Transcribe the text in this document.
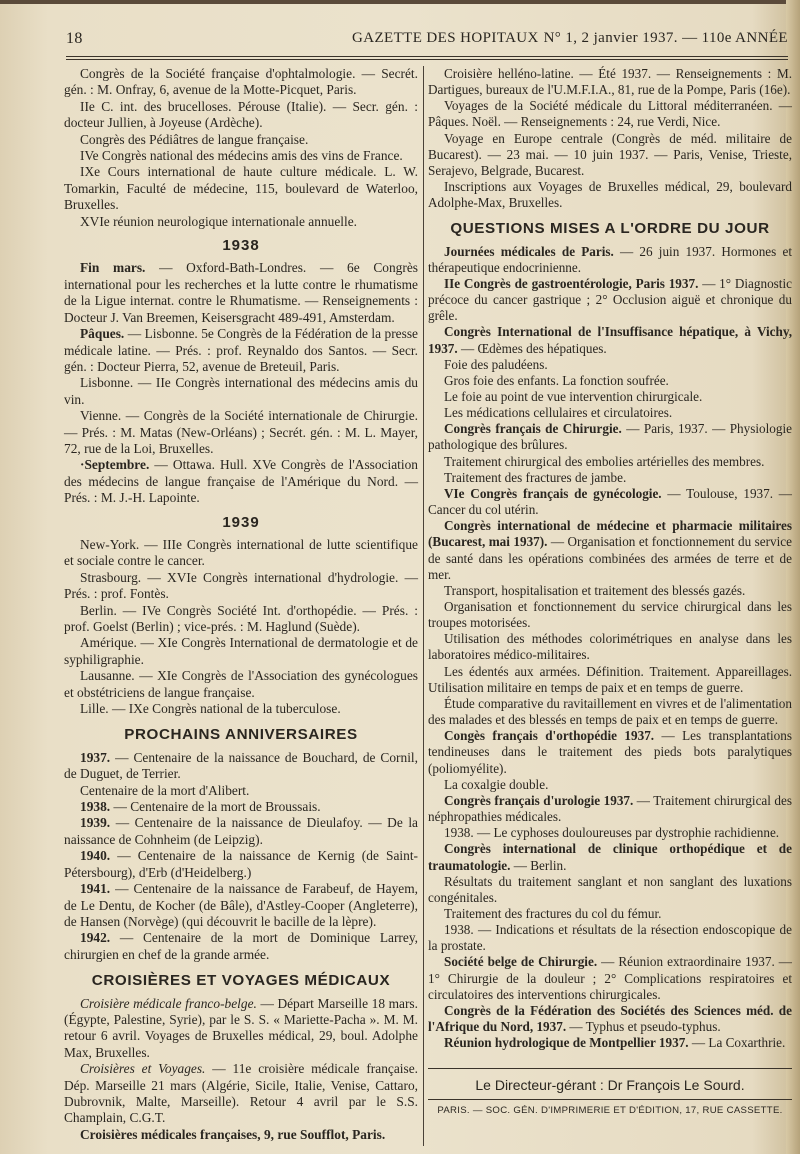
18	GAZETTE DES HOPITAUX N° 1, 2 janvier 1937. — 110e ANNÉE

Congrès de la Société française d'ophtalmologie. — Secrét. gén. : M. Onfray, 6, avenue de la Motte-Picquet, Paris.

IIe C. int. des brucelloses. Pérouse (Italie). — Secr. gén. : docteur Jullien, à Joyeuse (Ardèche).

Congrès des Pédiâtres de langue française.

IVe Congrès national des médecins amis des vins de France.

IXe Cours international de haute culture médicale. L. W. Tomarkin, Faculté de médecine, 115, boulevard de Waterloo, Bruxelles.

XVIe réunion neurologique internationale annuelle.

1938

Fin mars. — Oxford-Bath-Londres. — 6e Congrès international pour les recherches et la lutte contre le rhumatisme de la Ligue internat. contre le Rhumatisme. — Renseignements : Docteur J. Van Breemen, Keisersgracht 489-491, Amsterdam.

Pâques. — Lisbonne. 5e Congrès de la Fédération de la presse médicale latine. — Prés. : prof. Reynaldo dos Santos. — Secr. gén. : Docteur Pierra, 52, avenue de Breteuil, Paris.

Lisbonne. — IIe Congrès international des médecins amis du vin.

Vienne. — Congrès de la Société internationale de Chirurgie. — Prés. : M. Matas (New-Orléans) ; Secrét. gén. : M. L. Mayer, 72, rue de la Loi, Bruxelles.

·Septembre. — Ottawa. Hull. XVe Congrès de l'Association des médecins de langue française de l'Amérique du Nord. — Prés. : M. J.-H. Lapointe.

1939

New-York. — IIIe Congrès international de lutte scientifique et sociale contre le cancer.

Strasbourg. — XVIe Congrès international d'hydrologie. — Prés. : prof. Fontès.

Berlin. — IVe Congrès Société Int. d'orthopédie. — Prés. : prof. Goelst (Berlin) ; vice-prés. : M. Haglund (Suède).

Amérique. — XIe Congrès International de dermatologie et de syphiligraphie.

Lausanne. — XIe Congrès de l'Association des gynécologues et obstétriciens de langue française.

Lille. — IXe Congrès national de la tuberculose.

PROCHAINS ANNIVERSAIRES

1937. — Centenaire de la naissance de Bouchard, de Cornil, de Duguet, de Terrier.

Centenaire de la mort d'Alibert.

1938. — Centenaire de la mort de Broussais.

1939. — Centenaire de la naissance de Dieulafoy. — De la naissance de Cohnheim (de Leipzig).

1940. — Centenaire de la naissance de Kernig (de Saint-Pétersbourg), d'Erb (d'Heidelberg.)

1941. — Centenaire de la naissance de Farabeuf, de Hayem, de Le Dentu, de Kocher (de Bâle), d'Astley-Cooper (Angleterre), de Hansen (Norvège) (qui découvrit le bacille de la lèpre).

1942. — Centenaire de la mort de Dominique Larrey, chirurgien en chef de la grande armée.

CROISIÈRES ET VOYAGES MÉDICAUX

Croisière médicale franco-belge. — Départ Marseille 18 mars. (Égypte, Palestine, Syrie), par le S. S. « Mariette-Pacha ». M. M. retour 6 avril. Voyages de Bruxelles médical, 29, boul. Adolphe Max, Bruxelles.

Croisières et Voyages. — 11e croisière médicale française. Dép. Marseille 21 mars (Algérie, Sicile, Italie, Venise, Cattaro, Dubrovnik, Malte, Marseille). Retour 4 avril par le S.S. Champlain, C.G.T.

Croisières médicales françaises, 9, rue Soufflot, Paris.

Croisière helléno-latine. — Été 1937. — Renseignements : M. Dartigues, bureaux de l'U.M.F.I.A., 81, rue de la Pompe, Paris (16e).

Voyages de la Société médicale du Littoral méditerranéen. — Pâques. Noël. — Renseignements : 24, rue Verdi, Nice.

Voyage en Europe centrale (Congrès de méd. militaire de Bucarest). — 23 mai. — 10 juin 1937. — Paris, Venise, Trieste, Serajevo, Belgrade, Bucarest.

Inscriptions aux Voyages de Bruxelles médical, 29, boulevard Adolphe-Max, Bruxelles.

QUESTIONS MISES A L'ORDRE DU JOUR

Journées médicales de Paris. — 26 juin 1937. Hormones et thérapeutique endocrinienne.

IIe Congrès de gastroentérologie, Paris 1937. — 1° Diagnostic précoce du cancer gastrique ; 2° Occlusion aiguë et chronique du grêle.

Congrès International de l'Insuffisance hépatique, à Vichy, 1937. — Œdèmes des hépatiques.

Foie des paludéens.

Gros foie des enfants. La fonction soufrée.

Le foie au point de vue intervention chirurgicale.

Les médications cellulaires et circulatoires.

Congrès français de Chirurgie. — Paris, 1937. — Physiologie pathologique des brûlures.

Traitement chirurgical des embolies artérielles des membres.

Traitement des fractures de jambe.

VIe Congrès français de gynécologie. — Toulouse, 1937. — Cancer du col utérin.

Congrès international de médecine et pharmacie militaires (Bucarest, mai 1937). — Organisation et fonctionnement du service de santé dans les opérations combinées des armées de terre et de mer.

Transport, hospitalisation et traitement des blessés gazés.

Organisation et fonctionnement du service chirurgical dans les troupes motorisées.

Utilisation des méthodes colorimétriques en analyse dans les laboratoires médico-militaires.

Les édentés aux armées. Définition. Traitement. Appareillages. Utilisation militaire en temps de paix et en temps de guerre.

Étude comparative du ravitaillement en vivres et de l'alimentation des malades et des blessés en temps de paix et en temps de guerre.

Congès français d'orthopédie 1937. — Les transplantations tendineuses dans le traitement des pieds bots paralytiques (poliomyélite).

La coxalgie double.

Congrès français d'urologie 1937. — Traitement chirurgical des néphropathies médicales.

1938. — Le cyphoses douloureuses par dystrophie rachidienne.

Congrès international de clinique orthopédique et de traumatologie. — Berlin.

Résultats du traitement sanglant et non sanglant des luxations congénitales.

Traitement des fractures du col du fémur.

1938. — Indications et résultats de la résection endoscopique de la prostate.

Société belge de Chirurgie. — Réunion extraordinaire 1937. — 1° Chirurgie de la douleur ; 2° Complications respiratoires et circulatoires des interventions chirurgicales.

Congrès de la Fédération des Sociétés des Sciences méd. de l'Afrique du Nord, 1937. — Typhus et pseudo-typhus.

Réunion hydrologique de Montpellier 1937. — La Coxarthrie.

Le Directeur-gérant : Dr François Le Sourd.
PARIS. — SOC. GÉN. D'IMPRIMERIE ET D'ÉDITION, 17, RUE CASSETTE.
